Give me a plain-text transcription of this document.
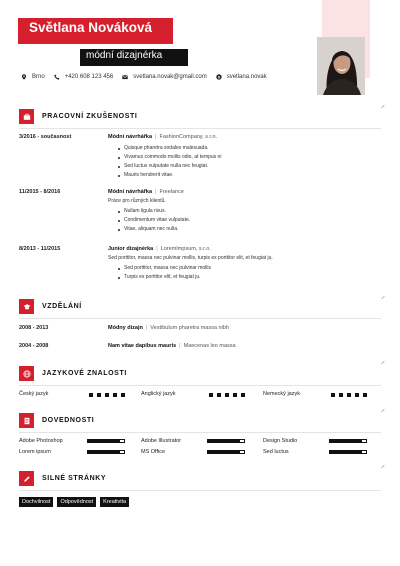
Světlana Nováková
módní dizajnérka
Brno	+420 608 123 456	svetlana.novak@gmail.com S svetlana.novak
PRACOVNÍ ZKUŠENOSTI
3/2016 - současnost	Módní návrhářka | FashionCompany, s.r.o.
Quisque pharetra sodales malesuada.
Vivamus commodo mollis odio, at tempus ni
Sed luctus vulputate nulla nec feugiat.
Mauris hendrerit vitae.
11/2015 - 8/2016	Módní návrhářka | Freelance
Práce pro různých klientů.
Nullam ligula risus.
Condimentum vitae vulputate.
Vitae, aliquam nec nulla.
8/2013 - 11/2015	Junior dizajnérka | LoremImpsum, s.r.o.
Sed porttitor, massa nec pulvinar mollis, turpis ex porttitor elit, et feugiat ju.
Sed porttitor, massa nec pulvinar mollis
Turpis ex porttitor elit, et feugiat ju.
VZDĚLÁNÍ
2008 - 2013	Módny dizajn | Vestibulum pharetra massa nibh
2004 - 2008	Nam vitae dapibus mauris | Maecenas leo massa
JAZYKOVÉ ZNALOSTI
Český jazyk	Anglický jazyk	Nemecký jazyk
DOVEDNOSTI
Adobe Photoshop	Adobe Illustrator	Design Studio
Lorem ipsum	MS Office	Sed luctus
SILNÉ STRÁNKY
Dochvilnost	Odpovědnost	Kreativita
